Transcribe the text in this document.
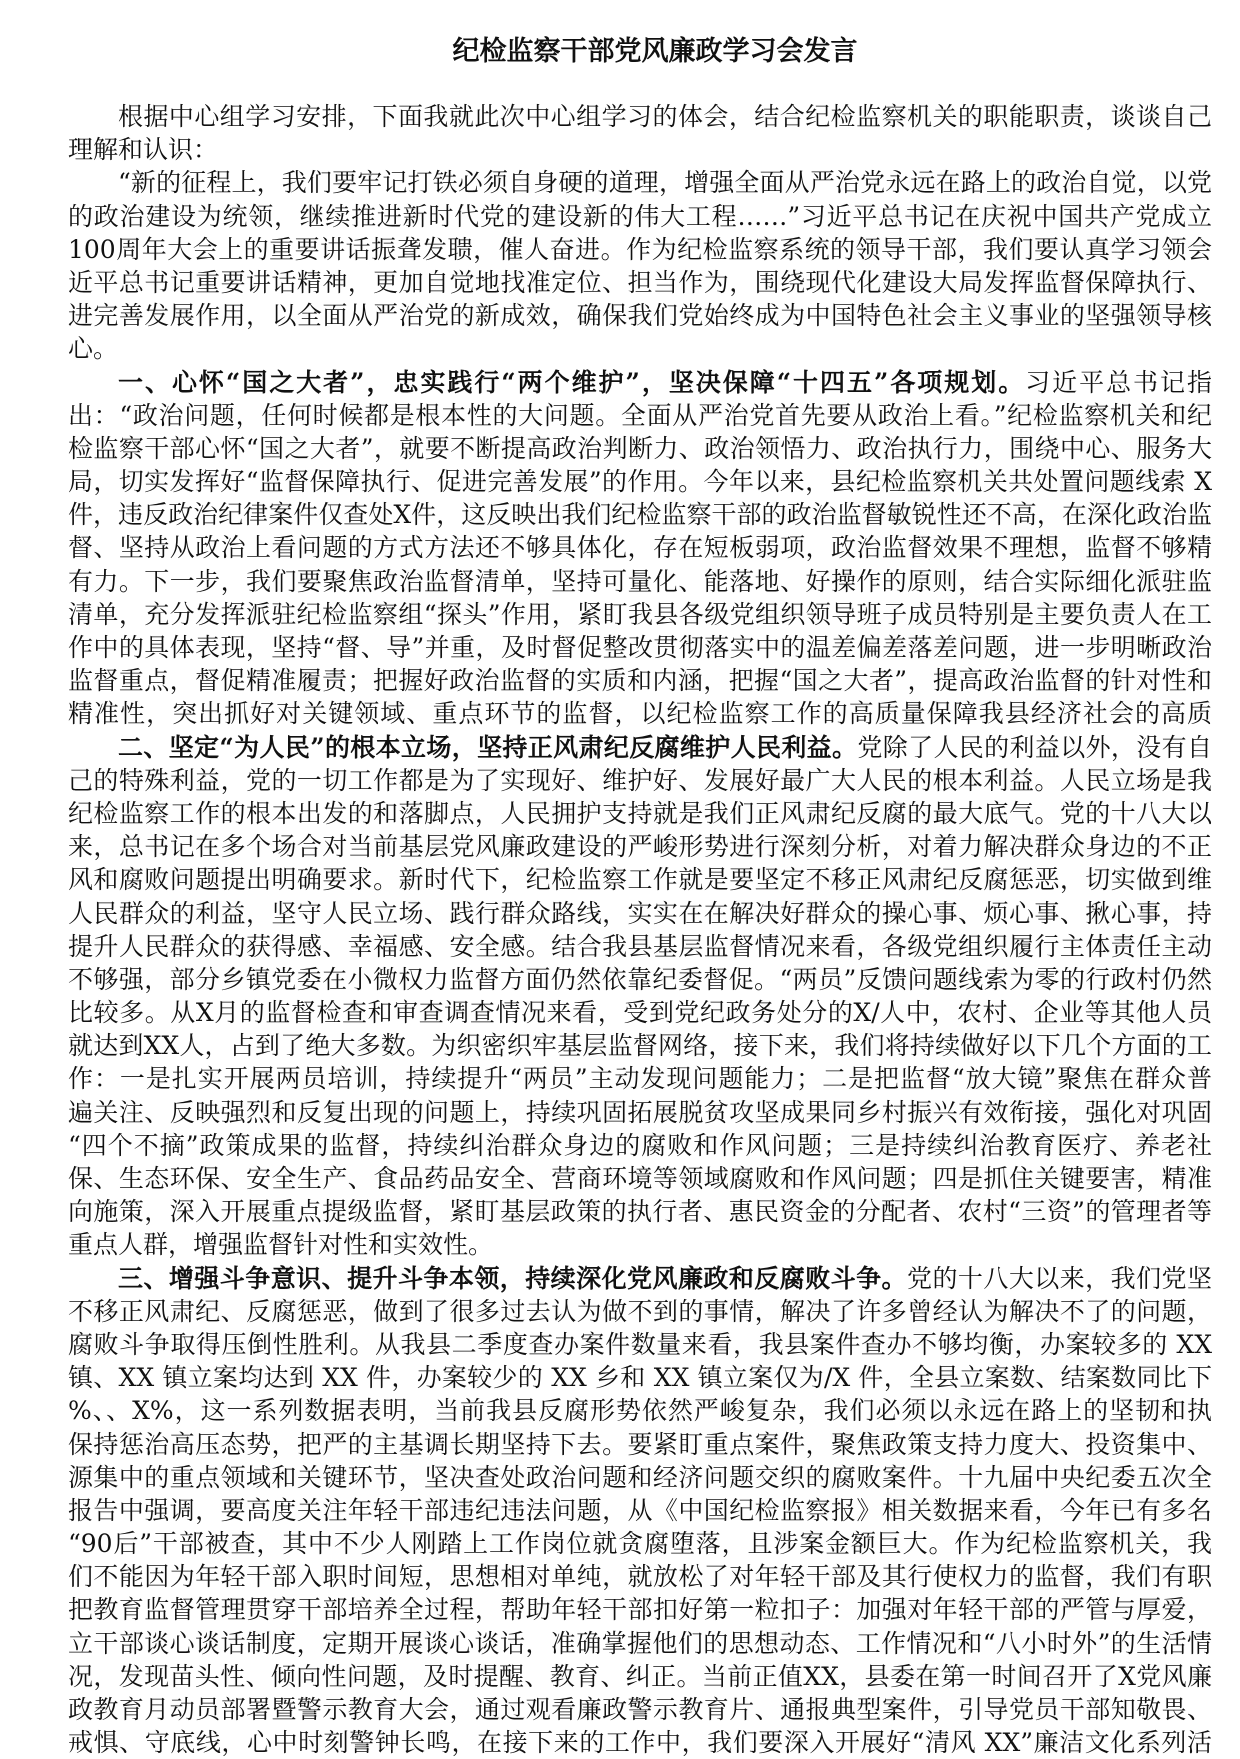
纪检监察干部党风廉政学习会发言
根据中心组学习安排，下面我就此次中心组学习的体会，结合纪检监察机关的职能职责，谈谈自己
理解和认识：
“新的征程上，我们要牢记打铁必须自身硬的道理，增强全面从严治党永远在路上的政治自觉，以党
的政治建设为统领，继续推进新时代党的建设新的伟大工程……”习近平总书记在庆祝中国共产党成立
100周年大会上的重要讲话振聋发聩，催人奋进。作为纪检监察系统的领导干部，我们要认真学习领会
近平总书记重要讲话精神，更加自觉地找准定位、担当作为，围绕现代化建设大局发挥监督保障执行、
进完善发展作用，以全面从严治党的新成效，确保我们党始终成为中国特色社会主义事业的坚强领导核
心。
一、心怀“国之大者”，忠实践行“两个维护”，坚决保障“十四五”各项规划。习近平总书记指
出：“政治问题，任何时候都是根本性的大问题。全面从严治党首先要从政治上看。”纪检监察机关和纪
检监察干部心怀“国之大者”，就要不断提高政治判断力、政治领悟力、政治执行力，围绕中心、服务大
局，切实发挥好“监督保障执行、促进完善发展”的作用。今年以来，县纪检监察机关共处置问题线索 X
件，违反政治纪律案件仅查处X件，这反映出我们纪检监察干部的政治监督敏锐性还不高，在深化政治监
督、坚持从政治上看问题的方式方法还不够具体化，存在短板弱项，政治监督效果不理想，监督不够精
有力。下一步，我们要聚焦政治监督清单，坚持可量化、能落地、好操作的原则，结合实际细化派驻监
清单，充分发挥派驻纪检监察组“探头”作用，紧盯我县各级党组织领导班子成员特别是主要负责人在工
作中的具体表现，坚持“督、导”并重，及时督促整改贯彻落实中的温差偏差落差问题，进一步明晰政治
监督重点，督促精准履责；把握好政治监督的实质和内涵，把握“国之大者”，提高政治监督的针对性和
精准性，突出抓好对关键领域、重点环节的监督，以纪检监察工作的高质量保障我县经济社会的高质
二、坚定“为人民”的根本立场，坚持正风肃纪反腐维护人民利益。党除了人民的利益以外，没有自
己的特殊利益，党的一切工作都是为了实现好、维护好、发展好最广大人民的根本利益。人民立场是我
纪检监察工作的根本出发的和落脚点，人民拥护支持就是我们正风肃纪反腐的最大底气。党的十八大以
来，总书记在多个场合对当前基层党风廉政建设的严峻形势进行深刻分析，对着力解决群众身边的不正
风和腐败问题提出明确要求。新时代下，纪检监察工作就是要坚定不移正风肃纪反腐惩恶，切实做到维
人民群众的利益，坚守人民立场、践行群众路线，实实在在解决好群众的操心事、烦心事、揪心事，持
提升人民群众的获得感、幸福感、安全感。结合我县基层监督情况来看，各级党组织履行主体责任主动
不够强，部分乡镇党委在小微权力监督方面仍然依靠纪委督促。“两员”反馈问题线索为零的行政村仍然
比较多。从X月的监督检查和审查调查情况来看，受到党纪政务处分的X/人中，农村、企业等其他人员
就达到XX人，占到了绝大多数。为织密织牢基层监督网络，接下来，我们将持续做好以下几个方面的工
作：一是扎实开展两员培训，持续提升“两员”主动发现问题能力；二是把监督“放大镜”聚焦在群众普
遍关注、反映强烈和反复出现的问题上，持续巩固拓展脱贫攻坚成果同乡村振兴有效衔接，强化对巩固
“四个不摘”政策成果的监督，持续纠治群众身边的腐败和作风问题；三是持续纠治教育医疗、养老社
保、生态环保、安全生产、食品药品安全、营商环境等领域腐败和作风问题；四是抓住关键要害，精准
向施策，深入开展重点提级监督，紧盯基层政策的执行者、惠民资金的分配者、农村“三资”的管理者等
重点人群，增强监督针对性和实效性。
三、增强斗争意识、提升斗争本领，持续深化党风廉政和反腐败斗争。党的十八大以来，我们党坚
不移正风肃纪、反腐惩恶，做到了很多过去认为做不到的事情，解决了许多曾经认为解决不了的问题，
腐败斗争取得压倒性胜利。从我县二季度查办案件数量来看，我县案件查办不够均衡，办案较多的 XX
镇、XX 镇立案均达到 XX 件，办案较少的 XX 乡和 XX 镇立案仅为/X 件，全县立案数、结案数同比下
%、、X%，这一系列数据表明，当前我县反腐形势依然严峻复杂，我们必须以永远在路上的坚韧和执
保持惩治高压态势，把严的主基调长期坚持下去。要紧盯重点案件，聚焦政策支持力度大、投资集中、
源集中的重点领域和关键环节，坚决查处政治问题和经济问题交织的腐败案件。十九届中央纪委五次全
报告中强调，要高度关注年轻干部违纪违法问题，从《中国纪检监察报》相关数据来看，今年已有多名
“90后”干部被查，其中不少人刚踏上工作岗位就贪腐堕落，且涉案金额巨大。作为纪检监察机关，我
们不能因为年轻干部入职时间短，思想相对单纯，就放松了对年轻干部及其行使权力的监督，我们有职
把教育监督管理贯穿干部培养全过程，帮助年轻干部扣好第一粒扣子：加强对年轻干部的严管与厚爱，
立干部谈心谈话制度，定期开展谈心谈话，准确掌握他们的思想动态、工作情况和“八小时外”的生活情
况，发现苗头性、倾向性问题，及时提醒、教育、纠正。当前正值XX，县委在第一时间召开了X党风廉
政教育月动员部署暨警示教育大会，通过观看廉政警示教育片、通报典型案件，引导党员干部知敬畏、
戒惧、守底线，心中时刻警钟长鸣，在接下来的工作中，我们要深入开展好“清风 XX”廉洁文化系列活
